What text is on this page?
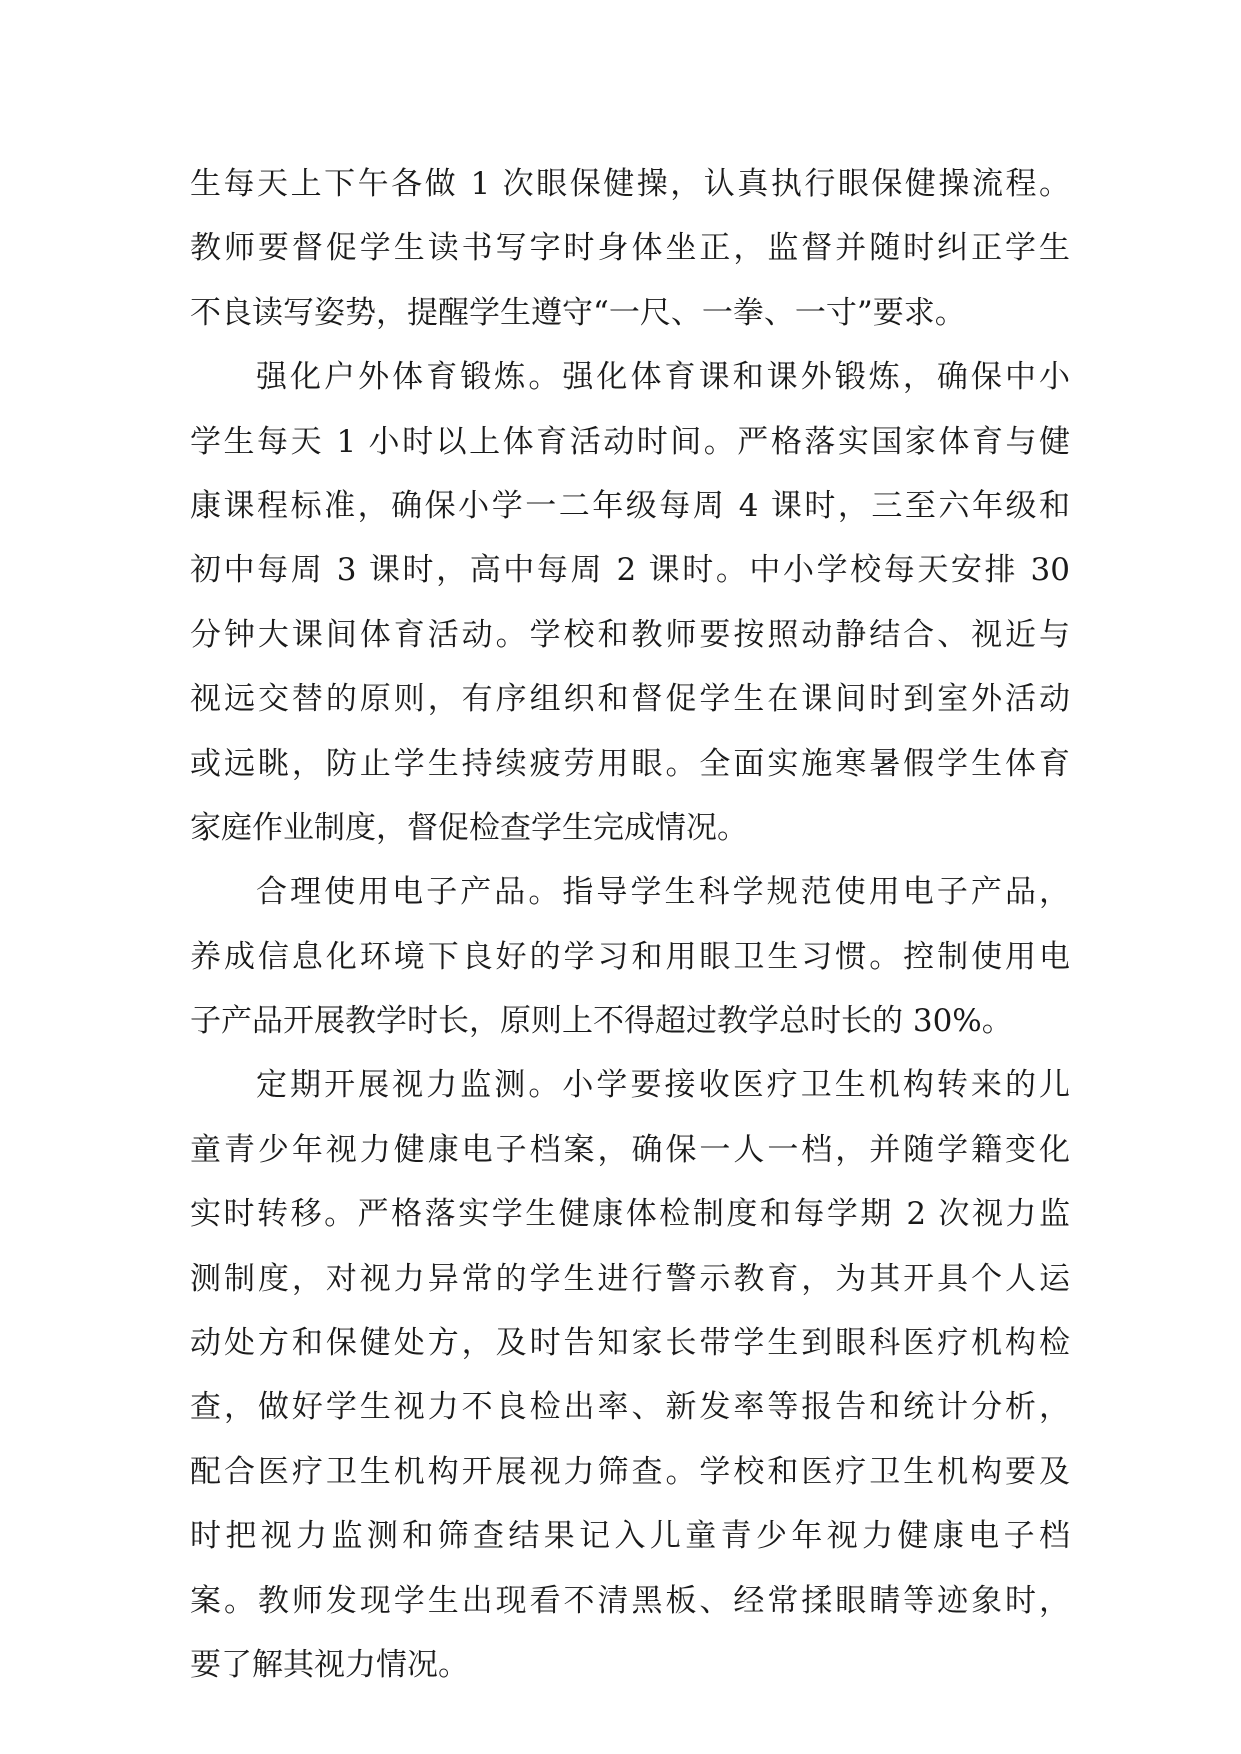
生每天上下午各做 1 次眼保健操，认真执行眼保健操流程。
教师要督促学生读书写字时身体坐正，监督并随时纠正学生
不良读写姿势，提醒学生遵守“一尺、一拳、一寸”要求。
强化户外体育锻炼。强化体育课和课外锻炼，确保中小
学生每天 1 小时以上体育活动时间。严格落实国家体育与健
康课程标准，确保小学一二年级每周 4 课时，三至六年级和
初中每周 3 课时，高中每周 2 课时。中小学校每天安排 30
分钟大课间体育活动。学校和教师要按照动静结合、视近与
视远交替的原则，有序组织和督促学生在课间时到室外活动
或远眺，防止学生持续疲劳用眼。全面实施寒暑假学生体育
家庭作业制度，督促检查学生完成情况。
合理使用电子产品。指导学生科学规范使用电子产品，
养成信息化环境下良好的学习和用眼卫生习惯。控制使用电
子产品开展教学时长，原则上不得超过教学总时长的 30%。
定期开展视力监测。小学要接收医疗卫生机构转来的儿
童青少年视力健康电子档案，确保一人一档，并随学籍变化
实时转移。严格落实学生健康体检制度和每学期 2 次视力监
测制度，对视力异常的学生进行警示教育，为其开具个人运
动处方和保健处方，及时告知家长带学生到眼科医疗机构检
查，做好学生视力不良检出率、新发率等报告和统计分析，
配合医疗卫生机构开展视力筛查。学校和医疗卫生机构要及
时把视力监测和筛查结果记入儿童青少年视力健康电子档
案。教师发现学生出现看不清黑板、经常揉眼睛等迹象时，
要了解其视力情况。
